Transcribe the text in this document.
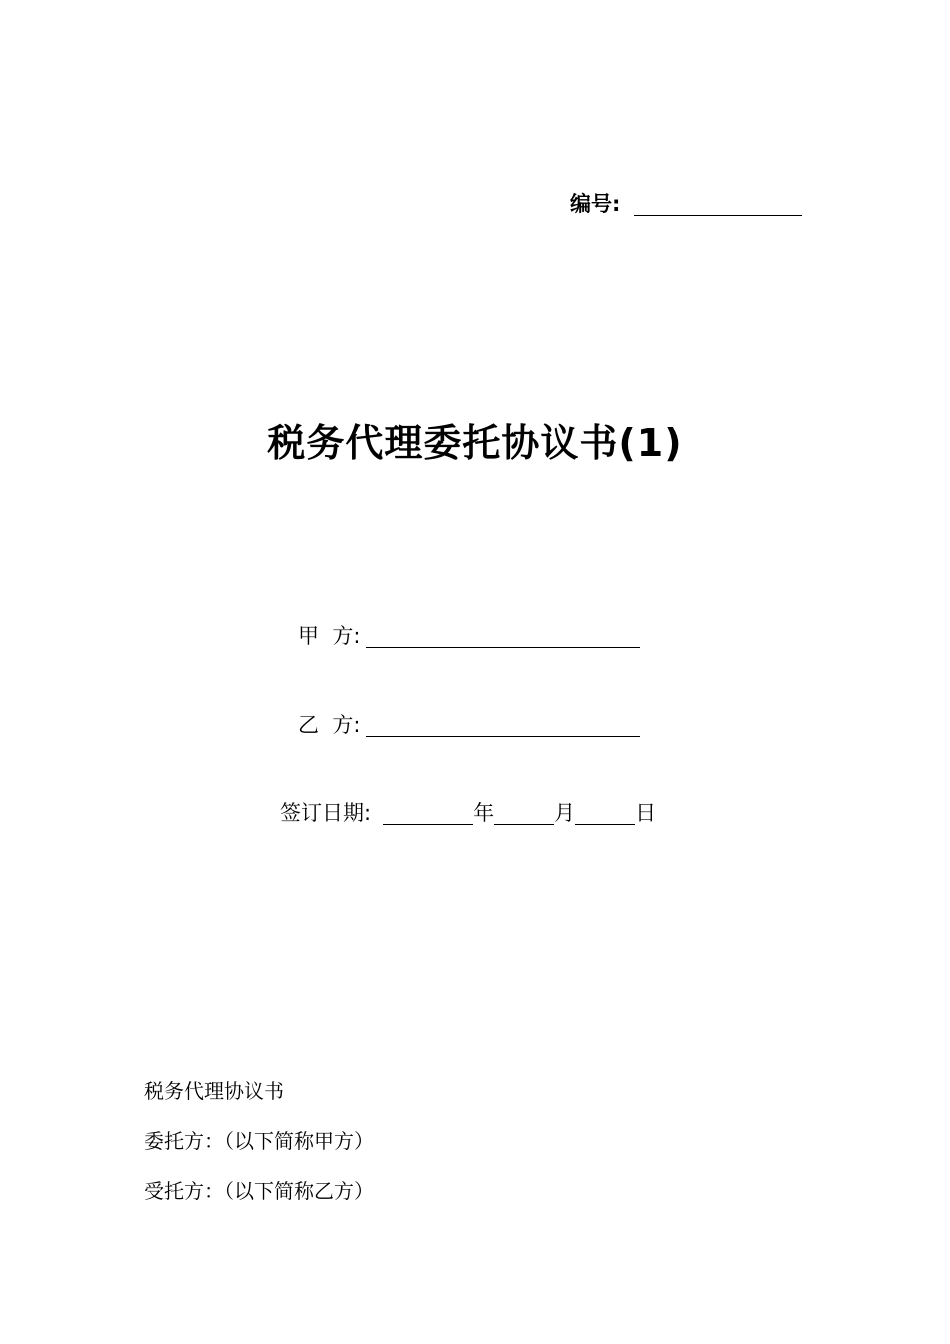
编号:
税务代理委托协议书(1)
甲  方:
乙  方:
签订日期:	年	月	日
税务代理协议书
委托方：（以下简称甲方）
受托方：（以下简称乙方）
